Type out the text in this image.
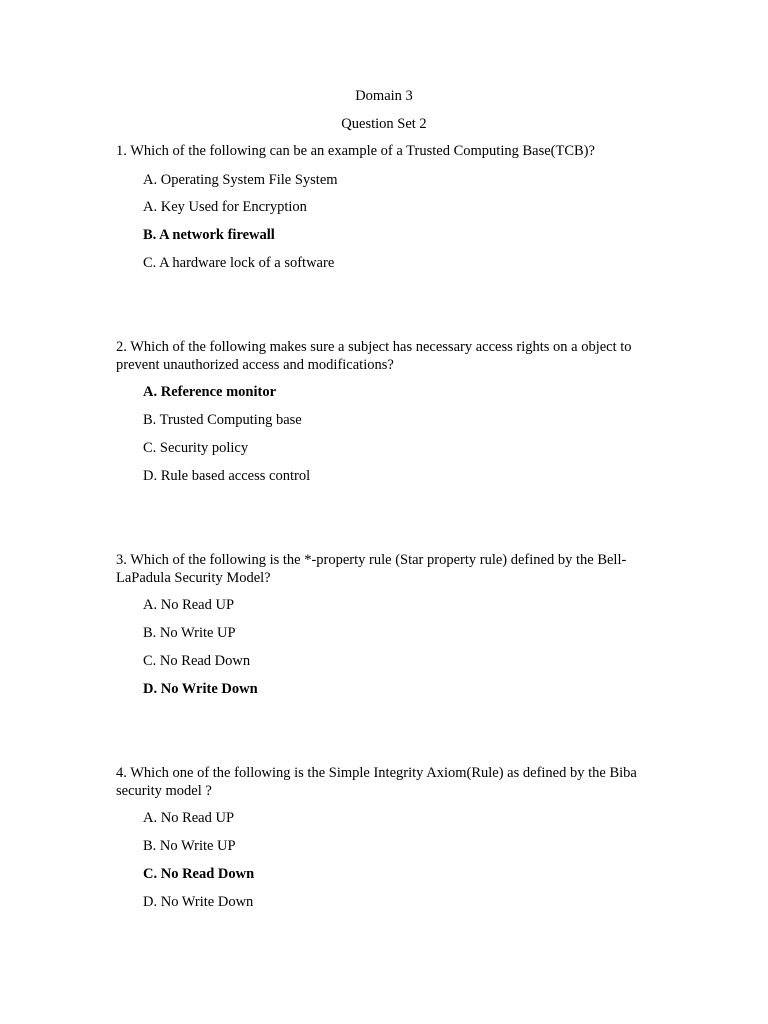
Domain 3
Question Set 2
1. Which of the following can be an example of a Trusted Computing Base(TCB)?
A. Operating System File System
A. Key Used for Encryption
B. A network firewall
C. A hardware lock of a software
2. Which of the following makes sure a subject has necessary access rights on a object to prevent unauthorized access and modifications?
A. Reference monitor
B. Trusted Computing base
C. Security policy
D. Rule based access control
3. Which of the following is the *-property rule (Star property rule) defined by the Bell-LaPadula Security Model?
A. No Read UP
B. No Write UP
C. No Read Down
D. No Write Down
4. Which one of the following is the Simple Integrity Axiom(Rule) as defined by the Biba security model ?
A. No Read UP
B. No Write UP
C. No Read Down
D. No Write Down
